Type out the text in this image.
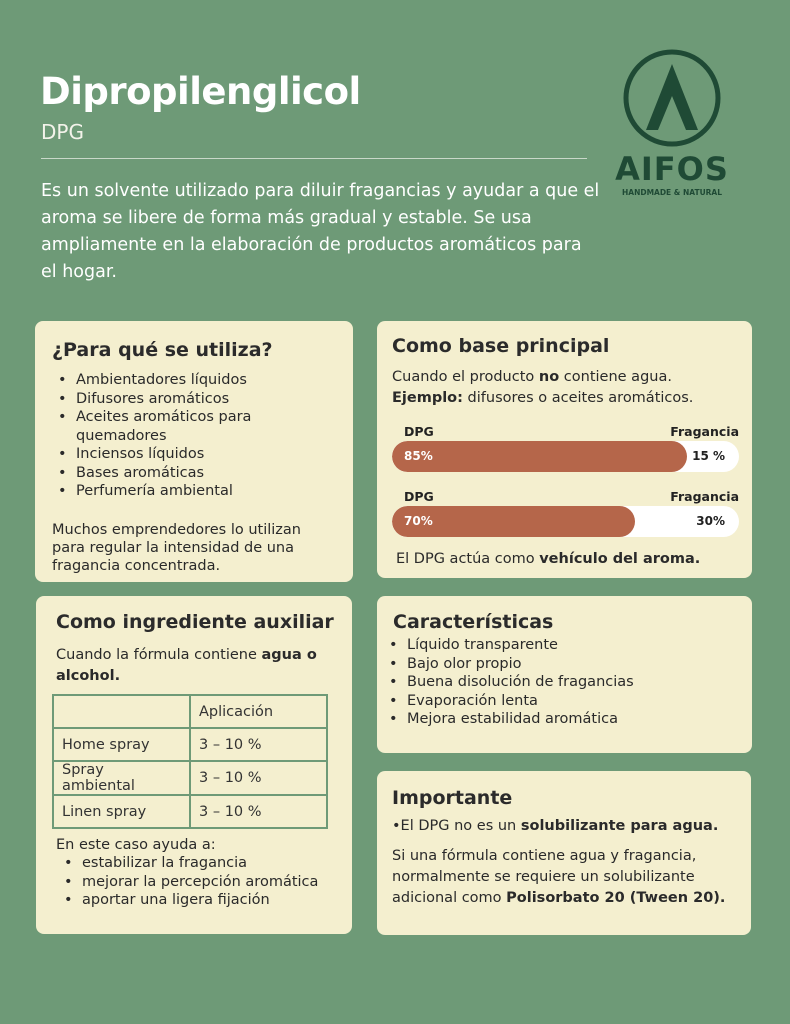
Dipropilenglicol
DPG
Es un solvente utilizado para diluir fragancias y ayudar a que el aroma se libere de forma más gradual y estable. Se usa ampliamente en la elaboración de productos aromáticos para el hogar.
AIFOS
HANDMADE & NATURAL
¿Para qué se utiliza?
• Ambientadores líquidos
• Difusores aromáticos
• Aceites aromáticos para quemadores
• Inciensos líquidos
• Bases aromáticas
• Perfumería ambiental

Muchos emprendedores lo utilizan para regular la intensidad de una fragancia concentrada.

Como base principal

Cuando el producto no contiene agua.

Ejemplo: difusores o aceites aromáticos.

DPG	Fragancia
85%	15 %
DPG	Fragancia
70%	30%

El DPG actúa como vehículo del aroma.

Como ingrediente auxiliar

Cuando la fórmula contiene agua o alcohol.

	Aplicación
Home spray	3 – 10 %
Spray ambiental	3 – 10 %
Linen spray	3 – 10 %

En este caso ayuda a:

• estabilizar la fragancia
• mejorar la percepción aromática
• aportar una ligera fijación
Características
• Líquido transparente
• Bajo olor propio
• Buena disolución de fragancias
• Evaporación lenta
• Mejora estabilidad aromática
Importante

•El DPG no es un solubilizante para agua.

Si una fórmula contiene agua y fragancia, normalmente se requiere un solubilizante adicional como Polisorbato 20 (Tween 20).
